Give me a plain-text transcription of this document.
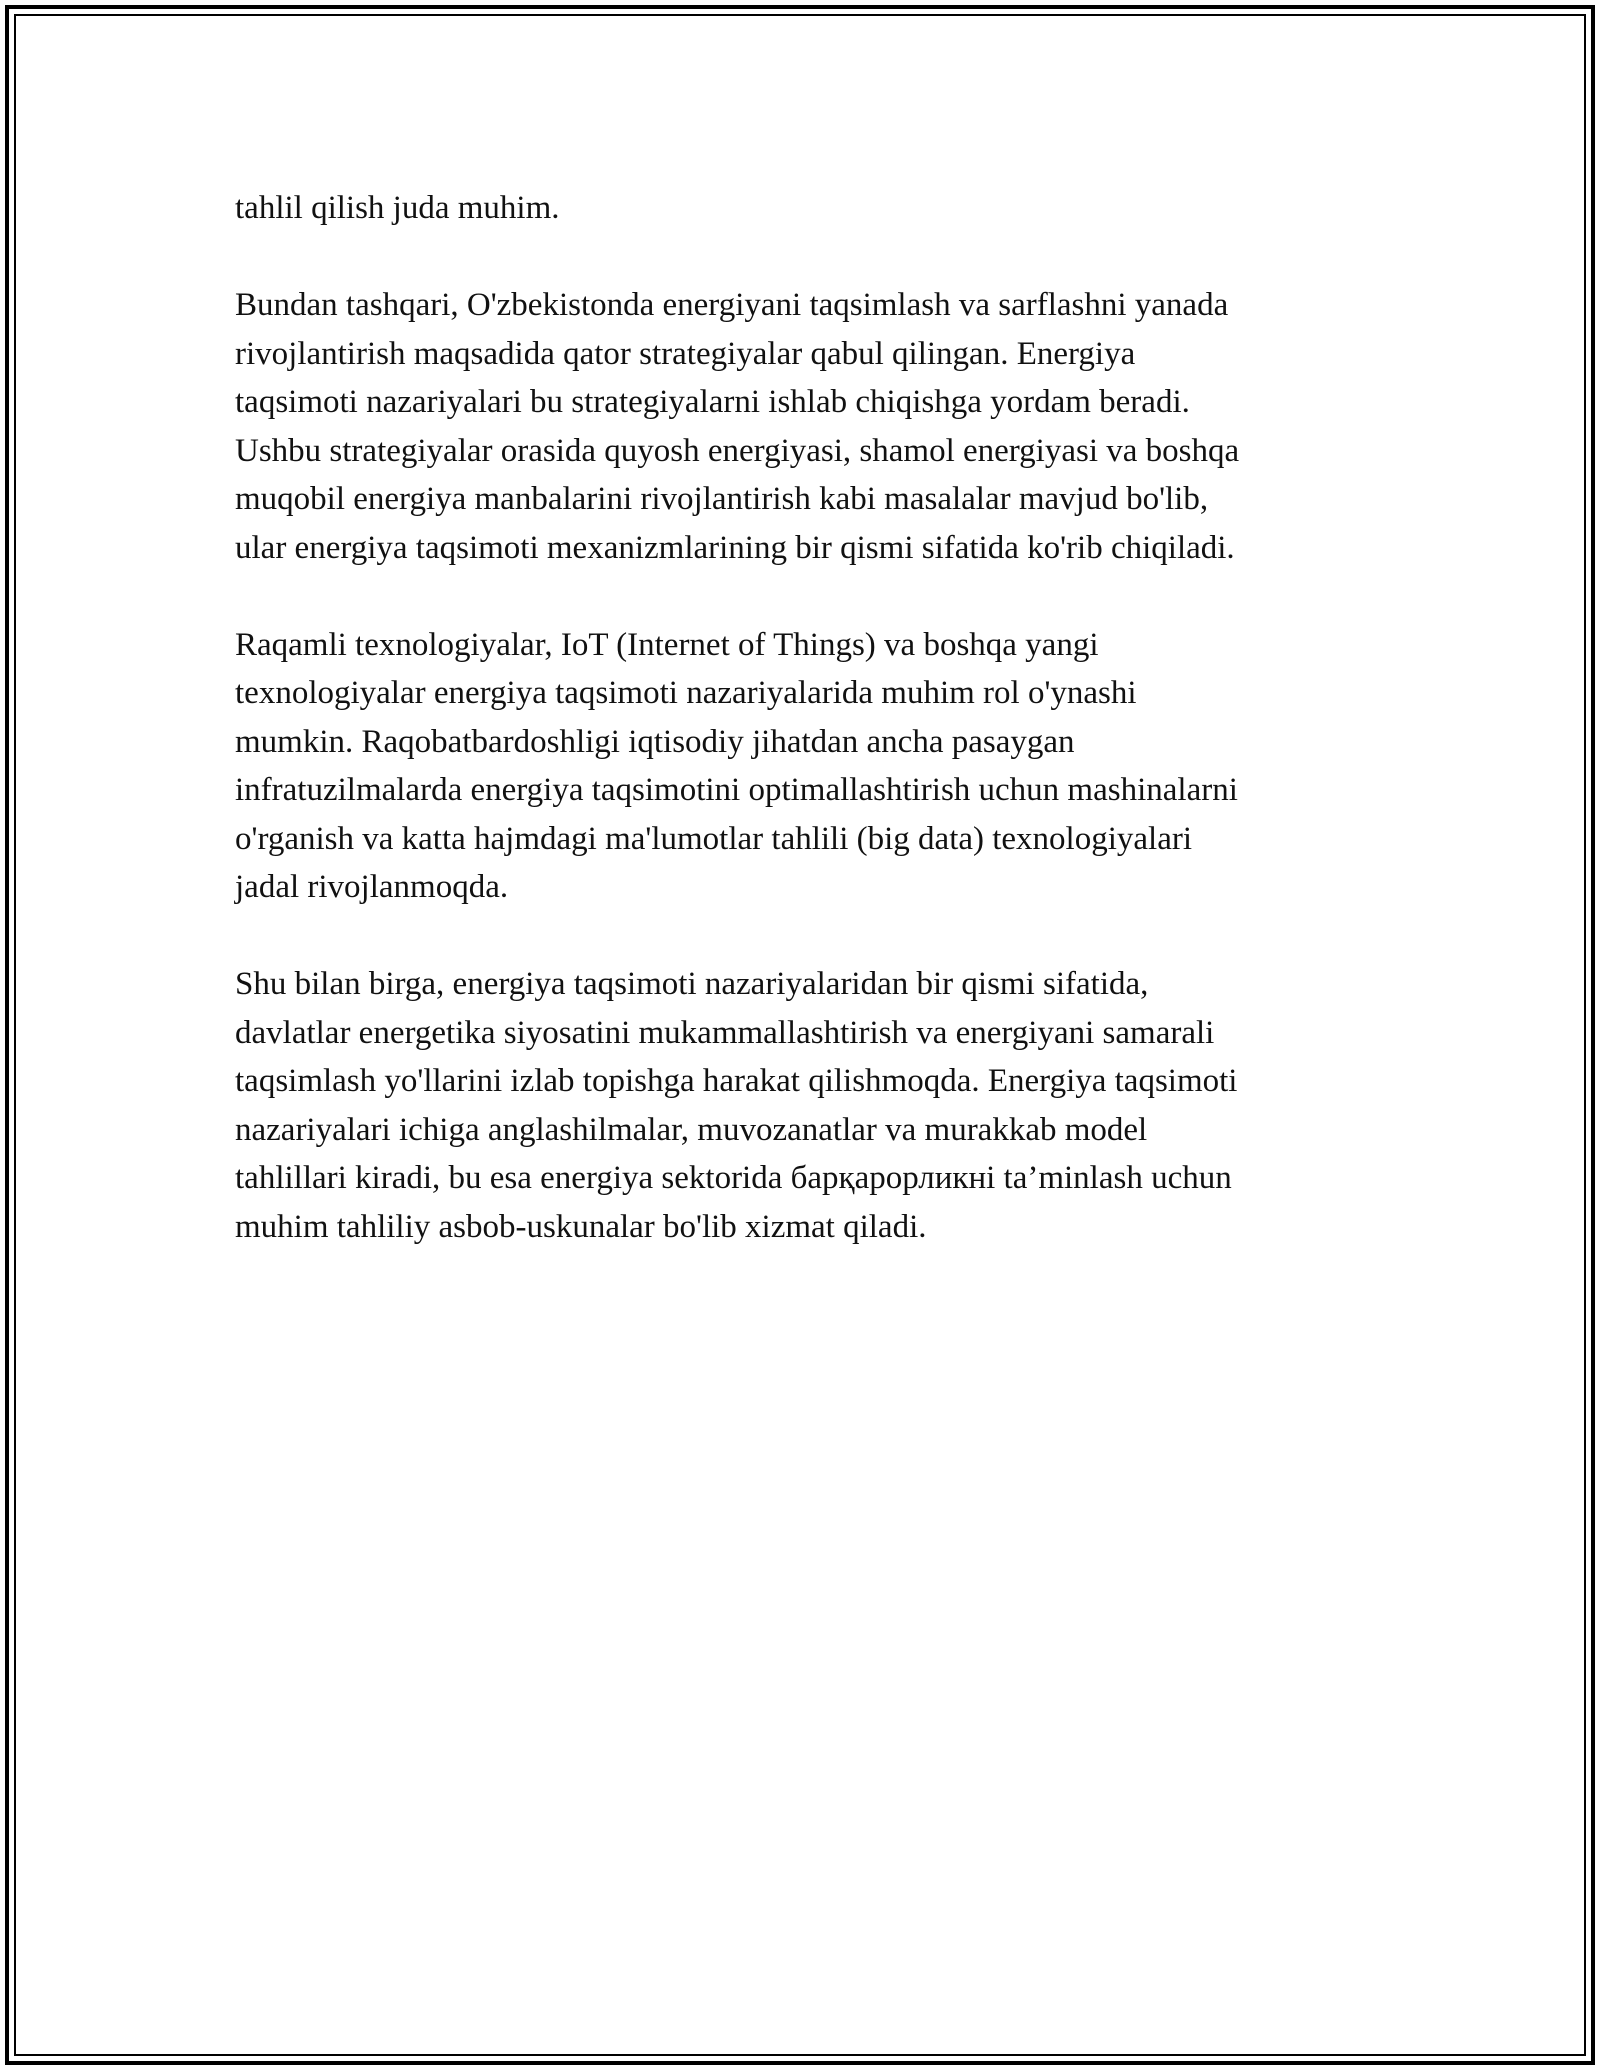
tahlil qilish juda muhim.

Bundan tashqari, O'zbekistonda energiyani taqsimlash va sarflashni yanada
rivojlantirish maqsadida qator strategiyalar qabul qilingan. Energiya
taqsimoti nazariyalari bu strategiyalarni ishlab chiqishga yordam beradi.
Ushbu strategiyalar orasida quyosh energiyasi, shamol energiyasi va boshqa
muqobil energiya manbalarini rivojlantirish kabi masalalar mavjud bo'lib,
ular energiya taqsimoti mexanizmlarining bir qismi sifatida ko'rib chiqiladi.

Raqamli texnologiyalar, IoT (Internet of Things) va boshqa yangi
texnologiyalar energiya taqsimoti nazariyalarida muhim rol o'ynashi
mumkin. Raqobatbardoshligi iqtisodiy jihatdan ancha pasaygan
infratuzilmalarda energiya taqsimotini optimallashtirish uchun mashinalarni
o'rganish va katta hajmdagi ma'lumotlar tahlili (big data) texnologiyalari
jadal rivojlanmoqda.

Shu bilan birga, energiya taqsimoti nazariyalaridan bir qismi sifatida,
davlatlar energetika siyosatini mukammallashtirish va energiyani samarali
taqsimlash yo'llarini izlab topishga harakat qilishmoqda. Energiya taqsimoti
nazariyalari ichiga anglashilmalar, muvozanatlar va murakkab model
tahlillari kiradi, bu esa energiya sektorida барқарорликні ta’minlash uchun
muhim tahliliy asbob-uskunalar bo'lib xizmat qiladi.
